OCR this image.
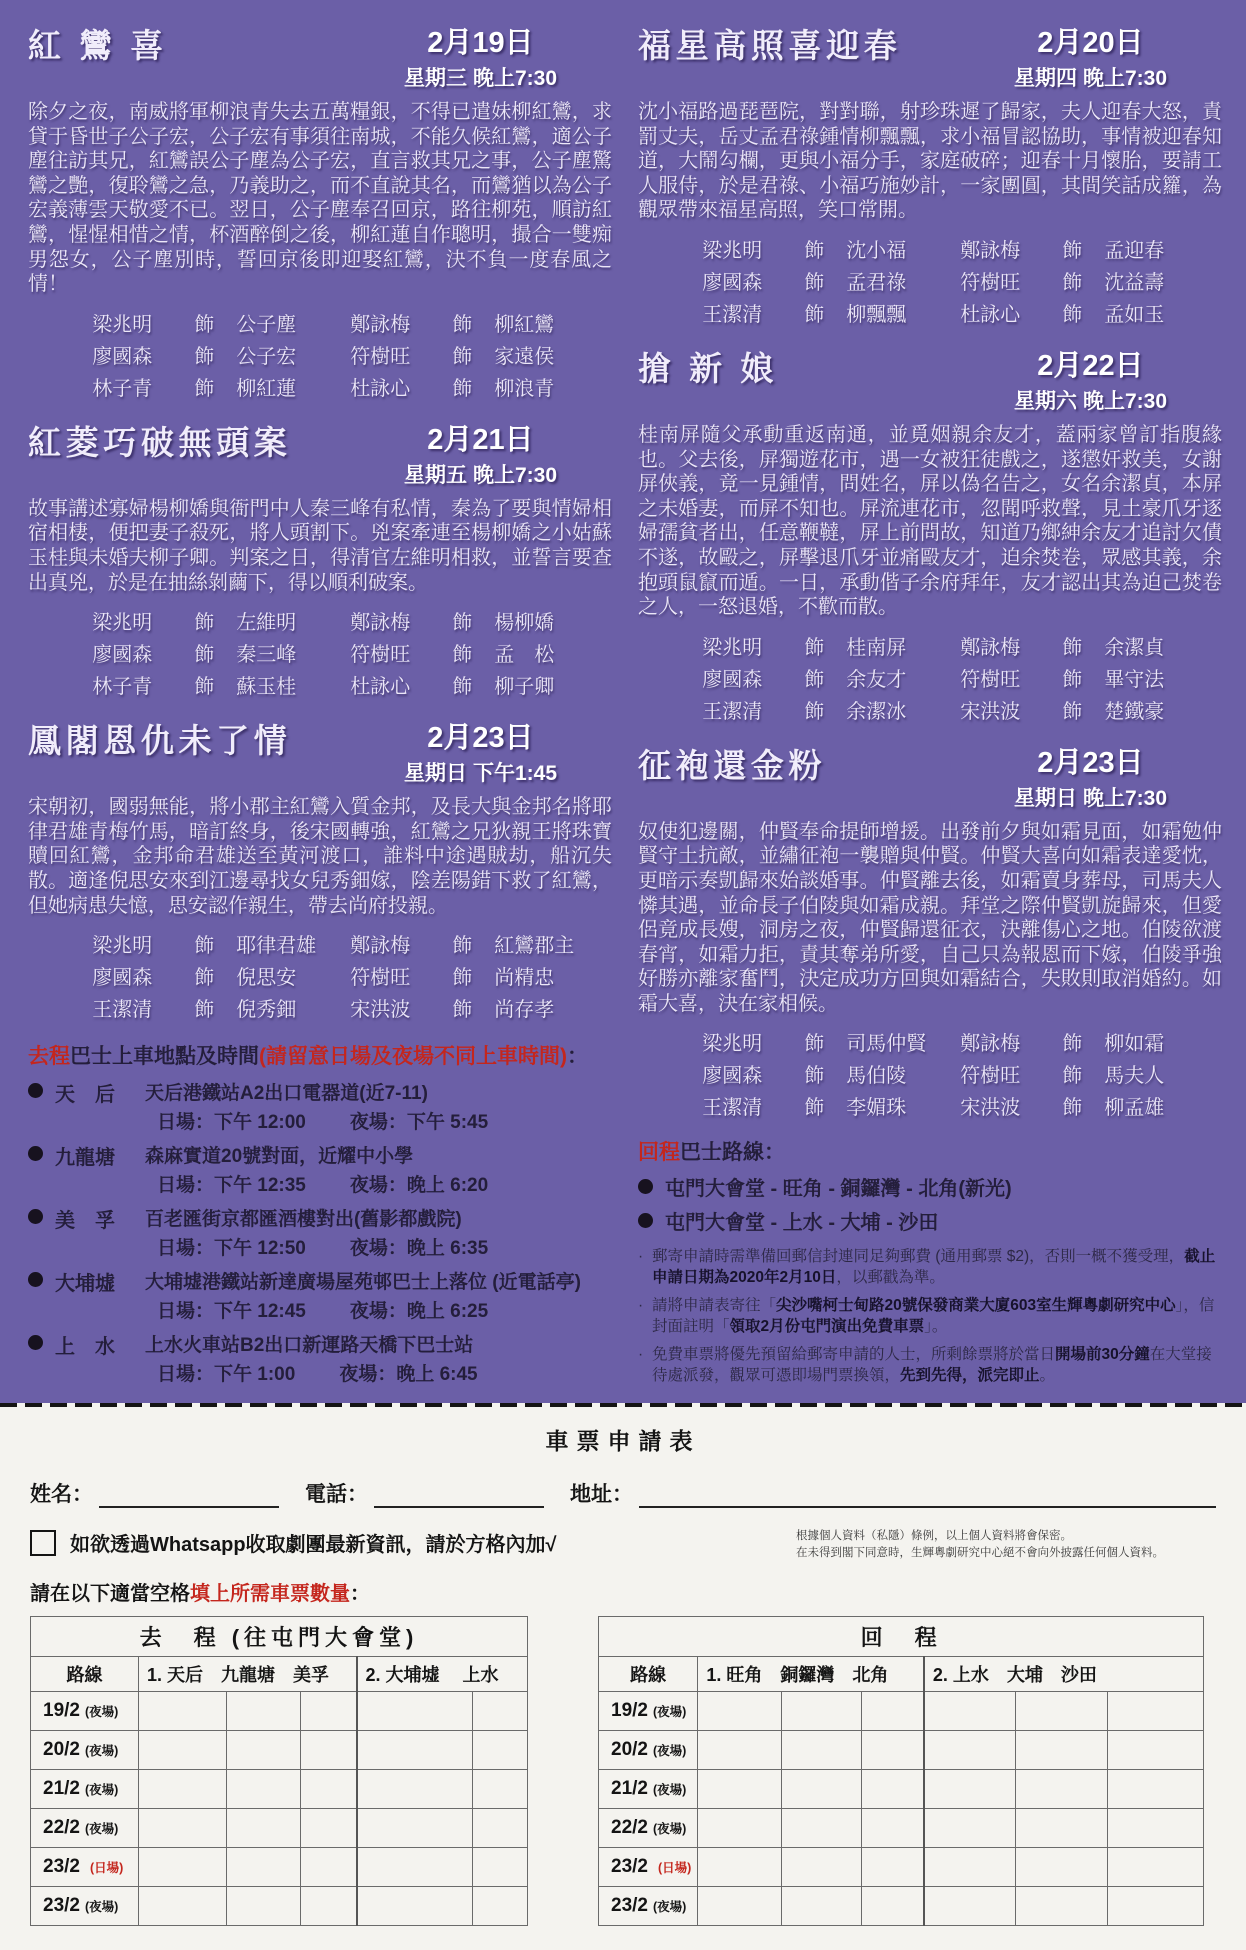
紅鸞喜	2月19日
星期三 晚上7:30

除夕之夜，南威將軍柳浪青失去五萬糧銀，不得已遣妹柳紅鸞，求貸于昏世子公子宏，公子宏有事須往南城，不能久候紅鸞，適公子塵往訪其兄，紅鸞誤公子塵為公子宏，直言救其兄之事，公子塵驚鸞之艷，復聆鸞之急，乃義助之，而不直說其名，而鸞猶以為公子宏義薄雲天敬愛不已。翌日，公子塵奉召回京，路往柳苑，順訪紅鸞，惺惺相惜之情，杯酒醉倒之後，柳紅蓮自作聰明，撮合一雙痴男怨女，公子塵別時，誓回京後即迎娶紅鸞，決不負一度春風之情！

梁兆明	飾	公子塵	鄭詠梅	飾	柳紅鸞
廖國森	飾	公子宏	符樹旺	飾	家遠侯
林子青	飾	柳紅蓮	杜詠心	飾	柳浪青
紅菱巧破無頭案	2月21日
星期五 晚上7:30

故事講述寡婦楊柳嬌與衙門中人秦三峰有私情，秦為了要與情婦相宿相棲，便把妻子殺死，將人頭割下。兇案牽連至楊柳嬌之小姑蘇玉桂與未婚夫柳子卿。判案之日，得清官左維明相救，並誓言要查出真兇，於是在抽絲剝繭下，得以順利破案。

梁兆明	飾	左維明	鄭詠梅	飾	楊柳嬌
廖國森	飾	秦三峰	符樹旺	飾	孟　松
林子青	飾	蘇玉桂	杜詠心	飾	柳子卿
鳳閣恩仇未了情	2月23日
星期日 下午1:45

宋朝初，國弱無能，將小郡主紅鸞入質金邦，及長大與金邦名將耶律君雄青梅竹馬，暗訂終身，後宋國轉強，紅鸞之兄狄親王將珠寶贖回紅鸞，金邦命君雄送至黃河渡口，誰料中途遇賊劫，船沉失散。適逢倪思安來到江邊尋找女兒秀鈿嫁，陰差陽錯下救了紅鸞，但她病患失憶，思安認作親生，帶去尚府投親。

梁兆明	飾	耶律君雄 鄭詠梅	飾	紅鸞郡主
廖國森	飾	倪思安	符樹旺	飾	尚精忠
王潔清	飾	倪秀鈿	宋洪波	飾	尚存孝
去程巴士上車地點及時間(請留意日場及夜場不同上車時間)：
天　后	天后港鐵站A2出口電器道(近7-11)
日場：下午 12:00 夜場：下午 5:45
九龍塘	森麻實道20號對面，近耀中小學
日場：下午 12:35 夜場：晚上 6:20
美　孚	百老匯街京都匯酒樓對出(舊影都戲院)
日場：下午 12:50 夜場：晚上 6:35
大埔墟	大埔墟港鐵站新達廣場屋苑邨巴士上落位 (近電話亭)
日場：下午 12:45 夜場：晚上 6:25
上　水	上水火車站B2出口新運路天橋下巴士站
日場：下午 1:00 夜場：晚上 6:45
福星高照喜迎春	2月20日
星期四 晚上7:30

沈小福路過琵琶院，對對聯，射珍珠遲了歸家，夫人迎春大怒，責罰丈夫，岳丈孟君祿鍾情柳飄飄，求小福冒認協助，事情被迎春知道，大鬧勾欄，更與小福分手，家庭破碎；迎春十月懷胎，要請工人服侍，於是君祿、小福巧施妙計，一家團圓，其間笑話成籮，為觀眾帶來福星高照，笑口常開。

梁兆明	飾	沈小福	鄭詠梅	飾	孟迎春
廖國森	飾	孟君祿	符樹旺	飾	沈益壽
王潔清	飾	柳飄飄	杜詠心	飾	孟如玉
搶新娘	2月22日
星期六 晚上7:30

桂南屏隨父承動重返南通，並覓姻親余友才，蓋兩家曾訂指腹緣也。父去後，屏獨遊花市，遇一女被狂徒戲之，遂懲奸救美，女謝屏俠義，竟一見鍾情，問姓名，屏以偽名告之，女名余潔貞，本屏之未婚妻，而屏不知也。屏流連花市，忽聞呼救聲，見土豪爪牙逐婦孺貧者出，任意鞭韃，屏上前問故，知道乃鄉紳余友才追討欠債不遂，故毆之，屏擊退爪牙並痛毆友才，迫余焚卷，眾感其義，余抱頭鼠竄而遁。一日，承動偕子余府拜年，友才認出其為迫己焚卷之人，一怒退婚，不歡而散。

梁兆明	飾	桂南屏	鄭詠梅	飾	余潔貞
廖國森	飾	余友才	符樹旺	飾	畢守法
王潔清	飾	余潔冰	宋洪波	飾	楚鐵豪
征袍還金粉	2月23日
星期日 晚上7:30

奴使犯邊關，仲賢奉命提師增援。出發前夕與如霜見面，如霜勉仲賢守土抗敵，並繡征袍一襲贈與仲賢。仲賢大喜向如霜表達愛忱，更暗示奏凱歸來始談婚事。仲賢離去後，如霜賣身葬母，司馬夫人憐其遇，並命長子伯陵與如霜成親。拜堂之際仲賢凱旋歸來，但愛侶竟成長嫂，洞房之夜，仲賢歸還征衣，決離傷心之地。伯陵欲渡春宵，如霜力拒，責其奪弟所愛，自己只為報恩而下嫁，伯陵爭強好勝亦離家奮鬥，決定成功方回與如霜結合，失敗則取消婚約。如霜大喜，決在家相候。

梁兆明	飾	司馬仲賢 鄭詠梅	飾	柳如霜
廖國森	飾	馬伯陵	符樹旺	飾	馬夫人
王潔清	飾	李媚珠	宋洪波	飾	柳孟雄
回程巴士路線：
屯門大會堂 - 旺角 - 銅鑼灣 - 北角(新光)
屯門大會堂 - 上水 - 大埔 - 沙田
· 郵寄申請時需準備回郵信封連同足夠郵費 (通用郵票 $2)，否則一概不獲受理，截止申請日期為2020年2月10日，以郵戳為準。
· 請將申請表寄往「尖沙嘴柯士甸路20號保發商業大廈603室生輝粵劇研究中心」，信封面註明「領取2月份屯門演出免費車票」。
· 免費車票將優先預留給郵寄申請的人士，所剩餘票將於當日開場前30分鐘在大堂接待處派發，觀眾可憑即場門票換領，先到先得，派完即止。
車票申請表
姓名：	電話：	地址：
如欲透過Whatsapp收取劇團最新資訊，請於方格內加√	根據個人資料（私隱）條例，以上個人資料將會保密。
在未得到閣下同意時，生輝粵劇研究中心絕不會向外披露任何個人資料。
請在以下適當空格填上所需車票數量：
去　程 (往屯門大會堂)					
路線	1. 天后　九龍塘　美孚			2. 大埔墟　 上水	
19/2 (夜場)					
20/2 (夜場)					
21/2 (夜場)					
22/2 (夜場)					
23/2 (日場)					
23/2 (夜場)					
回　程						
路線	1. 旺角　銅鑼灣　北角			2. 上水　大埔　沙田		
19/2 (夜場)						
20/2 (夜場)						
21/2 (夜場)						
22/2 (夜場)						
23/2 (日場)						
23/2 (夜場)						
